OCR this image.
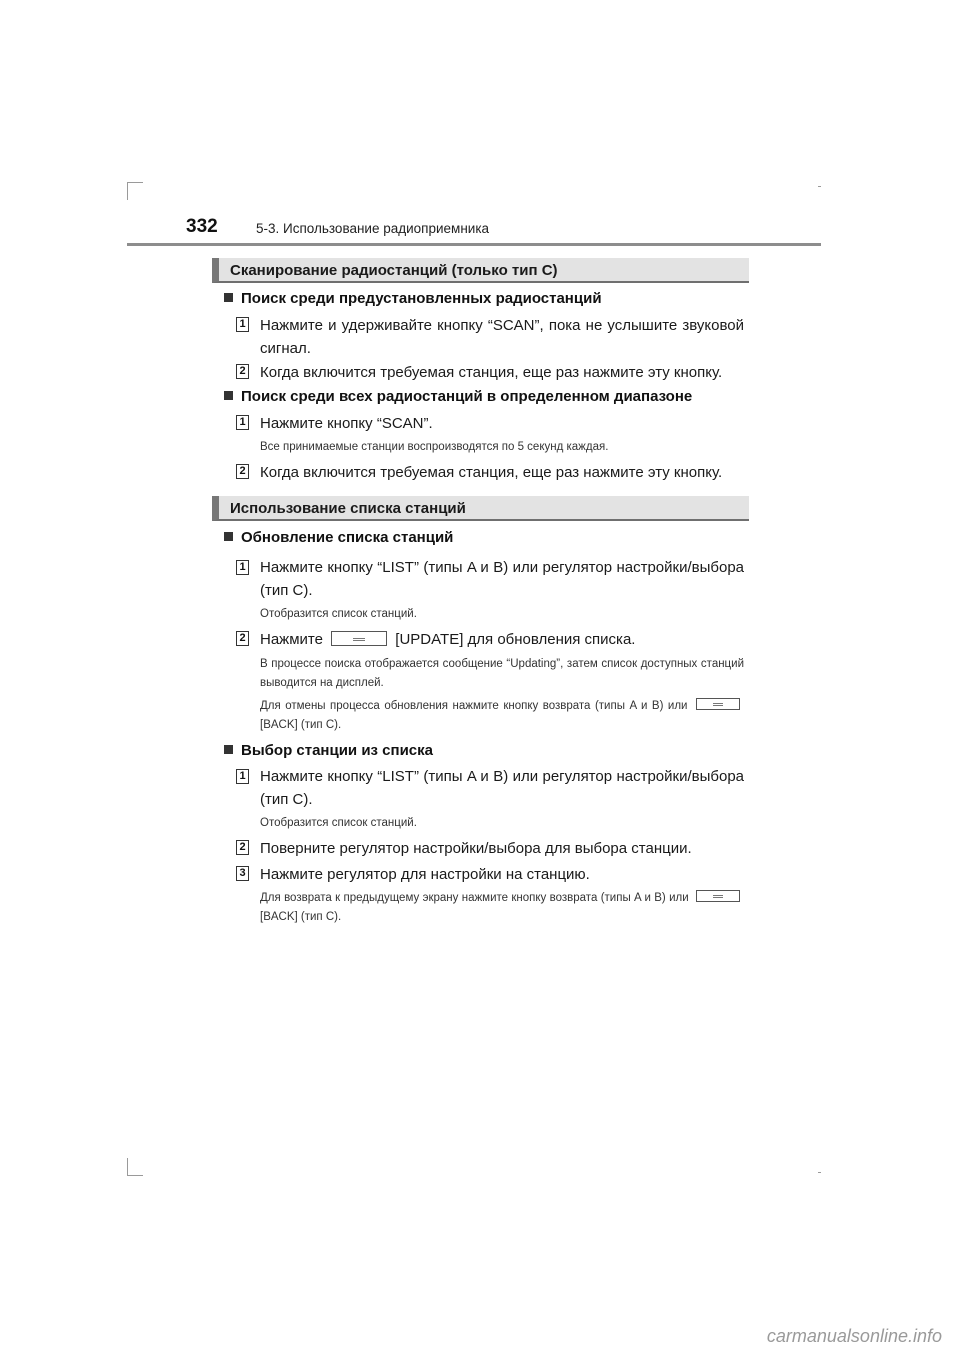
332	5-3. Использование радиоприемника
Сканирование радиостанций (только тип C)
Поиск среди предустановленных радиостанций
1 Нажмите и удерживайте кнопку “SCAN”, пока не услышите звуковой сигнал.
2 Когда включится требуемая станция, еще раз нажмите эту кнопку.
Поиск среди всех радиостанций в определенном диапазоне
1 Нажмите кнопку “SCAN”.
Все принимаемые станции воспроизводятся по 5 секунд каждая.
2 Когда включится требуемая станция, еще раз нажмите эту кнопку.
Использование списка станций
Обновление списка станций
1 Нажмите кнопку “LIST” (типы A и B) или регулятор настройки/выбора (тип C).
Отобразится список станций.
2 Нажмите	[UPDATE] для обновления списка.
В процессе поиска отображается сообщение “Updating”, затем список доступных станций выводится на дисплей.
Для отмены процесса обновления нажмите кнопку возврата (типы A и B) или
[BACK] (тип C).
Выбор станции из списка
1 Нажмите кнопку “LIST” (типы A и B) или регулятор настройки/выбора (тип C).
Отобразится список станций.
2 Поверните регулятор настройки/выбора для выбора станции.
3 Нажмите регулятор для настройки на станцию.
Для возврата к предыдущему экрану нажмите кнопку возврата (типы A и B) или
[BACK] (тип C).
carmanualsonline.info
